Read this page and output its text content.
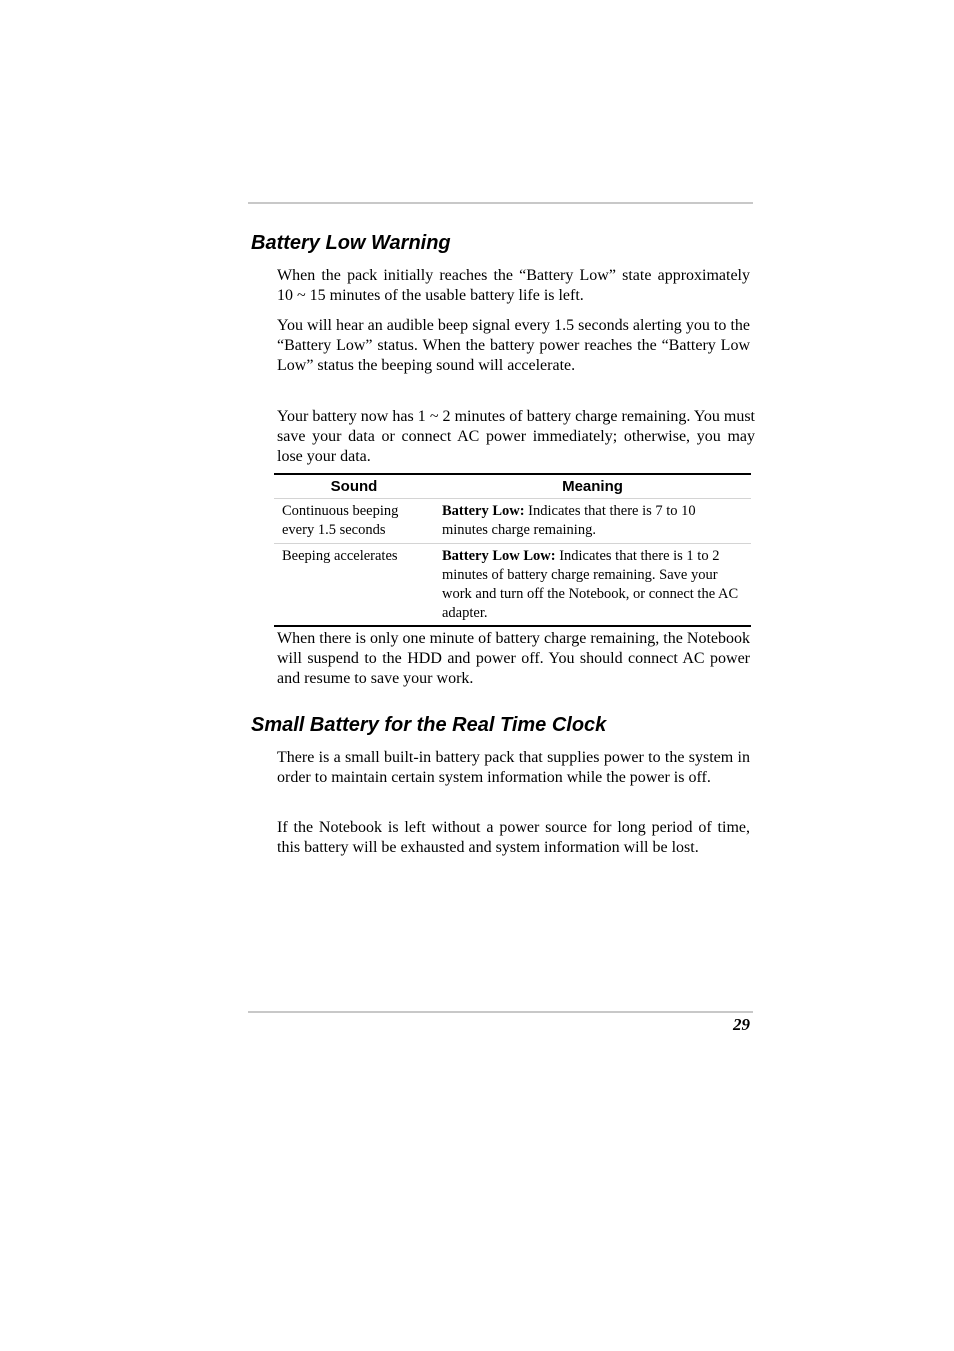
Battery Low Warning

When the pack initially reaches the “Battery Low” state approximately 10 ~ 15 minutes of the usable battery life is left.

You will hear an audible beep signal every 1.5 seconds alerting you to the “Battery Low” status. When the battery power reaches the “Battery Low Low” status the beeping sound will accelerate.

Your battery now has 1 ~ 2 minutes of battery charge remaining. You must save your data or connect AC power immediately; otherwise, you may lose your data.

Sound	Meaning
Continuous beeping every 1.5 seconds	Battery Low: Indicates that there is 7 to 10 minutes charge remaining.
Beeping accelerates	Battery Low Low: Indicates that there is 1 to 2 minutes of battery charge remaining. Save your work and turn off the Notebook, or connect the AC adapter.

When there is only one minute of battery charge remaining, the Notebook will suspend to the HDD and power off. You should connect AC power and resume to save your work.

Small Battery for the Real Time Clock

There is a small built-in battery pack that supplies power to the system in order to maintain certain system information while the power is off.

If the Notebook is left without a power source for long period of time, this battery will be exhausted and system information will be lost.

29
